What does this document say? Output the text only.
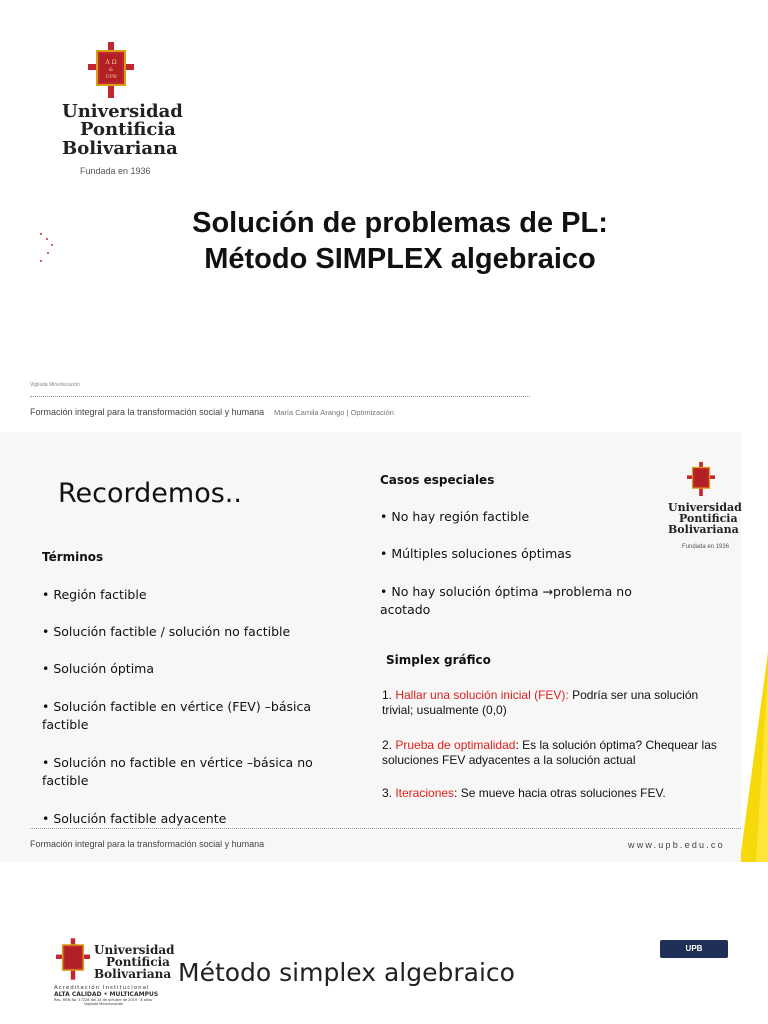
Α Ω
&
UPB
Universidad
Pontificia
Bolivariana
Fundada en 1936
Solución de problemas de PL:
Método SIMPLEX algebraico
Vigilada Mineducación
Formación integral para la transformación social y humana María Camila Arango | Optimización
Recordemos..
Términos
• Región factible
• Solución factible / solución no factible
• Solución óptima
• Solución factible en vértice (FEV) –básica factible
• Solución no factible en vértice –básica no factible
• Solución factible adyacente
Casos especiales
• No hay región factible
• Múltiples soluciones óptimas
• No hay solución óptima →problema no acotado
Simplex gráfico
1. Hallar una solución inicial (FEV): Podría ser una solución trivial; usualmente (0,0)
2. Prueba de optimalidad: Es la solución óptima? Chequear las soluciones FEV adyacentes a la solución actual
3. Iteraciones: Se mueve hacia otras soluciones FEV.
Universidad
Pontificia
Bolivariana
Fundada en 1936
Formación integral para la transformación social y humana	www.upb.edu.co
Universidad
Pontificia
Bolivariana
Acreditación Institucional
ALTA CALIDAD • MULTICAMPUS
Res. MEN No. 17228 del 24 de octubre de 2019 · 8 años
Vigilada Mineducación
Método simplex algebraico
UPB
